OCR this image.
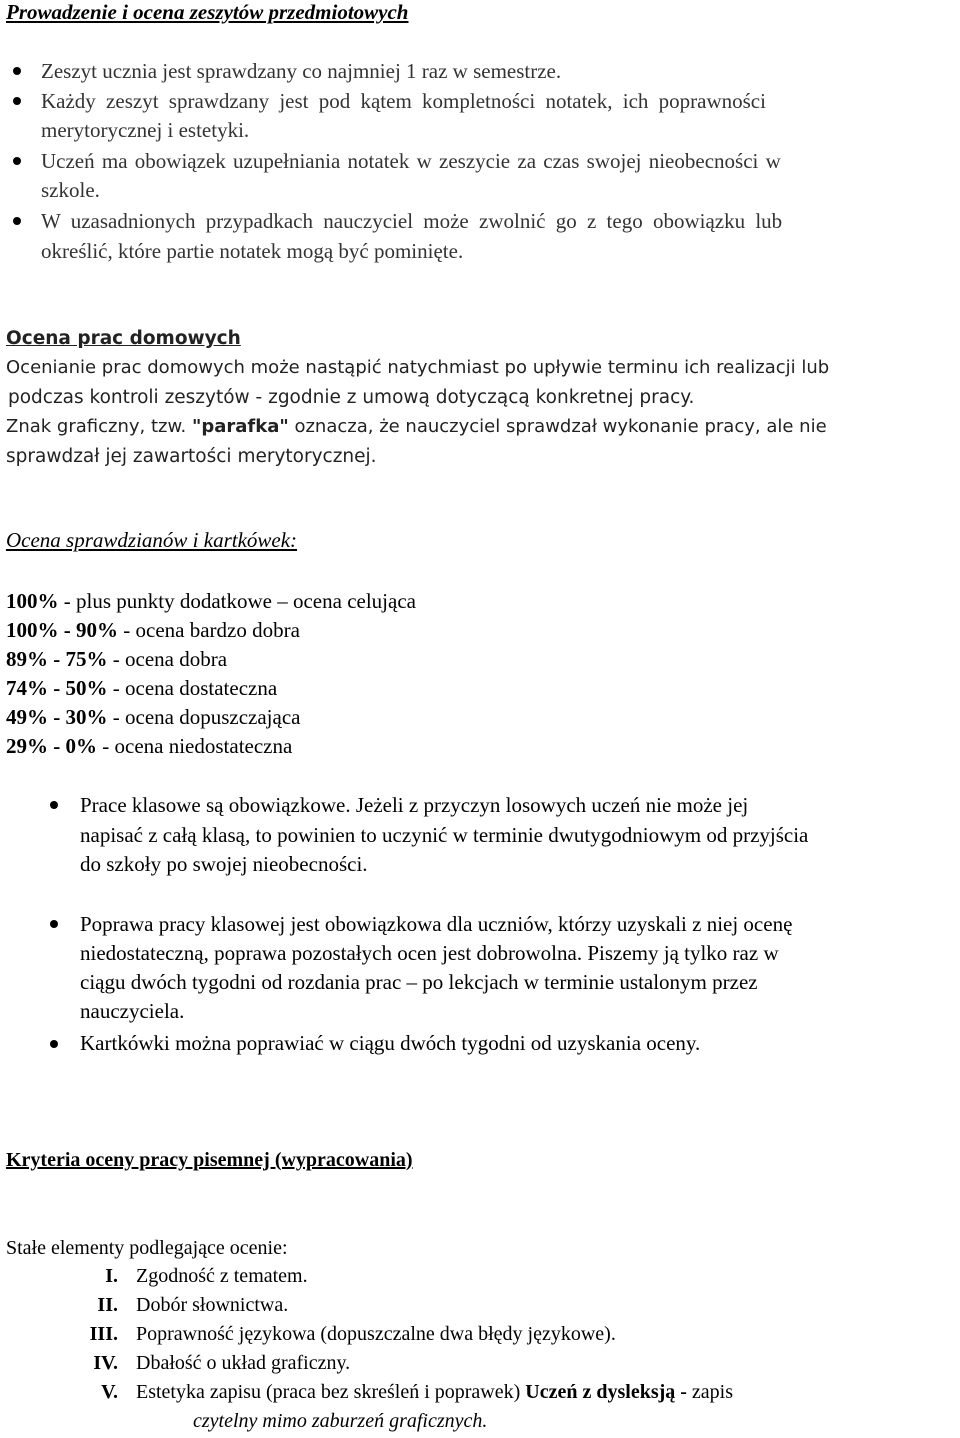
Prowadzenie i ocena zeszytów przedmiotowych
Zeszyt ucznia jest sprawdzany co najmniej 1 raz w semestrze.
Każdy zeszyt sprawdzany jest pod kątem kompletności notatek, ich poprawności
merytorycznej i estetyki.
Uczeń ma obowiązek uzupełniania notatek w zeszycie za czas swojej nieobecności w
szkole.
W uzasadnionych przypadkach nauczyciel może zwolnić go z tego obowiązku lub
określić, które partie notatek mogą być pominięte.
Ocena prac domowych
Ocenianie prac domowych może nastąpić natychmiast po upływie terminu ich realizacji lub
podczas kontroli zeszytów - zgodnie z umową dotyczącą konkretnej pracy.
Znak graficzny, tzw. "parafka" oznacza, że nauczyciel sprawdzał wykonanie pracy, ale nie
sprawdzał jej zawartości merytorycznej.
Ocena sprawdzianów i kartkówek:
100% - plus punkty dodatkowe – ocena celująca
100% - 90% - ocena bardzo dobra
89% - 75% - ocena dobra
74% - 50% - ocena dostateczna
49% - 30% - ocena dopuszczająca
29% - 0% - ocena niedostateczna
Prace klasowe są obowiązkowe. Jeżeli z przyczyn losowych uczeń nie może jej
napisać z całą klasą, to powinien to uczynić w terminie dwutygodniowym od przyjścia
do szkoły po swojej nieobecności.
Poprawa pracy klasowej jest obowiązkowa dla uczniów, którzy uzyskali z niej ocenę
niedostateczną, poprawa pozostałych ocen jest dobrowolna. Piszemy ją tylko raz w
ciągu dwóch tygodni od rozdania prac – po lekcjach w terminie ustalonym przez
nauczyciela.
Kartkówki można poprawiać w ciągu dwóch tygodni od uzyskania oceny.
Kryteria oceny pracy pisemnej (wypracowania)
Stałe elementy podlegające ocenie:
I. Zgodność z tematem.
II. Dobór słownictwa.
III. Poprawność językowa (dopuszczalne dwa błędy językowe).
IV. Dbałość o układ graficzny.
V. Estetyka zapisu (praca bez skreśleń i poprawek) Uczeń z dysleksją - zapis
czytelny mimo zaburzeń graficznych.
